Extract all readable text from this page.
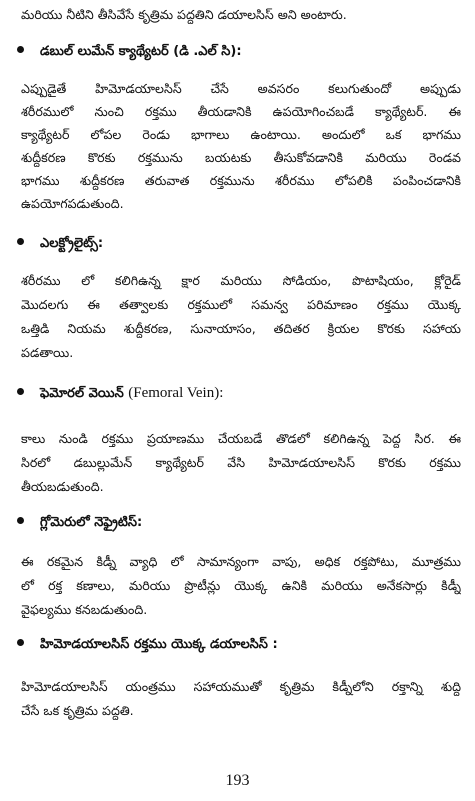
మరియు నీటిని తీసివేసే కృత్రిమ పద్ధతిని డయాలసిస్ అని అంటారు.
డబుల్ లుమేన్ క్యాథ్యేటర్ (డి .ఎల్ సి):
ఎప్పుడైతే హిమోడయాలసిస్ చేసే అవసరం కలుగుతుందో అప్పుడు
శరీరములో నుంచి రక్తము తీయడానికి ఉపయోగించబడే క్యాథ్యేటర్. ఈ
క్యాథ్యేటర్ లోపల రెండు భాగాలు ఉంటాయి. అందులో ఒక భాగము
శుద్ధీకరణ కొరకు రక్తమును బయటకు తీసుకోవడానికి మరియు రెండవ
భాగము శుద్ధీకరణ తరువాత రక్తమును శరీరము లోపలికి పంపించడానికి
ఉపయోగపడుతుంది.
ఎలక్ట్రోలైట్స్:
శరీరము లో కలిగిఉన్న క్షార మరియు సోడియం, పొటాషియం, క్లోరైడ్
మొదలగు ఈ తత్వాలకు రక్తములో సమన్వ పరిమాణం రక్తము యొక్క
ఒత్తిడి నియమ శుద్ధీకరణ, సునాయాసం, తదితర క్రియల కొరకు సహాయ
పడతాయి.
ఫెమోరల్ వెయిన్ (Femoral Vein):
కాలు నుండి రక్తము ప్రయాణము చేయబడే తొడలో కలిగిఉన్న పెద్ద సిర. ఈ
సిరలో డబుల్లుమేన్ క్యాథ్యేటర్ వేసి హిమోడయాలసిస్ కొరకు రక్తము
తీయబడుతుంది.
గ్లోమెరులో నెఫ్రైటిస్:
ఈ రకమైన కిడ్నీ వ్యాధి లో సామాన్యంగా వాపు, అధిక రక్తపోటు, మూత్రము
లో రక్త కణాలు, మరియు ప్రొటీన్లు యొక్క ఉనికి మరియు అనేకసార్లు కిడ్నీ
వైఫల్యము కనబడుతుంది.
హిమోడయాలసిస్ రక్తము యొక్క డయాలసిస్ :
హిమోడయాలసిస్ యంత్రము సహాయముతో కృత్రిమ కిడ్నీలోని రక్తాన్ని శుద్ధి
చేసే ఒక కృత్రిమ పద్ధతి.
193
